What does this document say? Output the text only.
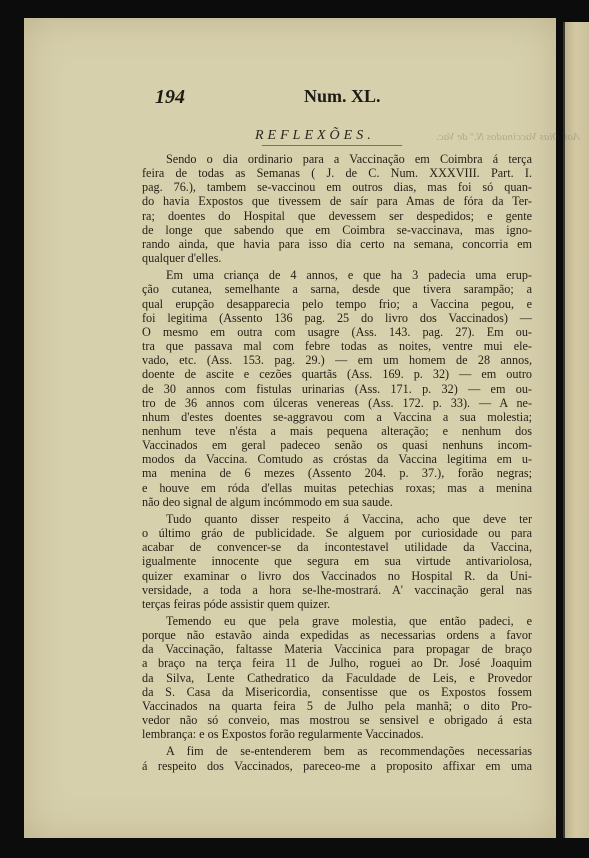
194	Num. XL.
REFLEXÕES.	Aos Dias Vaccinados N.º de Vac.
Sendo o dia ordinario para a Vaccinação em Coimbra á terça
feira de todas as Semanas ( J. de C. Num. XXXVIII. Part. I.
pag. 76.), tambem se-vaccinou em outros dias, mas foi só quan-
do havia Expostos que tivessem de saír para Amas de fóra da Ter-
ra; doentes do Hospital que devessem ser despedidos; e gente
de longe que sabendo que em Coimbra se-vaccinava, mas igno-
rando ainda, que havia para isso dia certo na semana, concorria em
qualquer d'elles.
Em uma criança de 4 annos, e que ha 3 padecia uma erup-
ção cutanea, semelhante a sarna, desde que tivera sarampão; a
qual erupção desapparecia pelo tempo frio; a Vaccina pegou, e
foi legitima (Assento 136 pag. 25 do livro dos Vaccinados) —
O mesmo em outra com usagre (Ass. 143. pag. 27). Em ou-
tra que passava mal com febre todas as noites, ventre mui ele-
vado, etc. (Ass. 153. pag. 29.) — em um homem de 28 annos,
doente de ascite e cezões quartãs (Ass. 169. p. 32) — em outro
de 30 annos com fistulas urinarias (Ass. 171. p. 32) — em ou-
tro de 36 annos com úlceras venereas (Ass. 172. p. 33). — A ne-
nhum d'estes doentes se-aggravou com a Vaccina a sua molestia;
nenhum teve n'ésta a mais pequena alteração; e nenhum dos
Vaccinados em geral padeceo senão os quasi nenhuns incom-
modos da Vaccina. Comtudo as cróstas da Vaccina legitima em u-
ma menina de 6 mezes (Assento 204. p. 37.), forão negras;
e houve em róda d'ellas muitas petechias roxas; mas a menina
não deo signal de algum incómmodo em sua saude.
Tudo quanto disser respeito á Vaccina, acho que deve ter
o último gráo de publicidade. Se alguem por curiosidade ou para
acabar de convencer-se da incontestavel utilidade da Vaccina,
igualmente innocente que segura em sua virtude antivariolosa,
quizer examinar o livro dos Vaccinados no Hospital R. da Uni-
versidade, a toda a hora se-lhe-mostrará. A' vaccinação geral nas
terças feiras póde assistir quem quizer.
Temendo eu que pela grave molestia, que então padeci, e
porque não estavão ainda expedidas as necessarias ordens a favor
da Vaccinação, faltasse Materia Vaccinica para propagar de braço
a braço na terça feira 11 de Julho, roguei ao Dr. José Joaquim
da Silva, Lente Cathedratico da Faculdade de Leis, e Provedor
da S. Casa da Misericordia, consentisse que os Expostos fossem
Vaccinados na quarta feira 5 de Julho pela manhã; o dito Pro-
vedor não só conveio, mas mostrou se sensivel e obrigado á esta
lembrança: e os Expostos forão regularmente Vaccinados.
A fim de se-entenderem bem as recommendações necessarias
á respeito dos Vaccinados, pareceo-me a proposito affixar em uma
